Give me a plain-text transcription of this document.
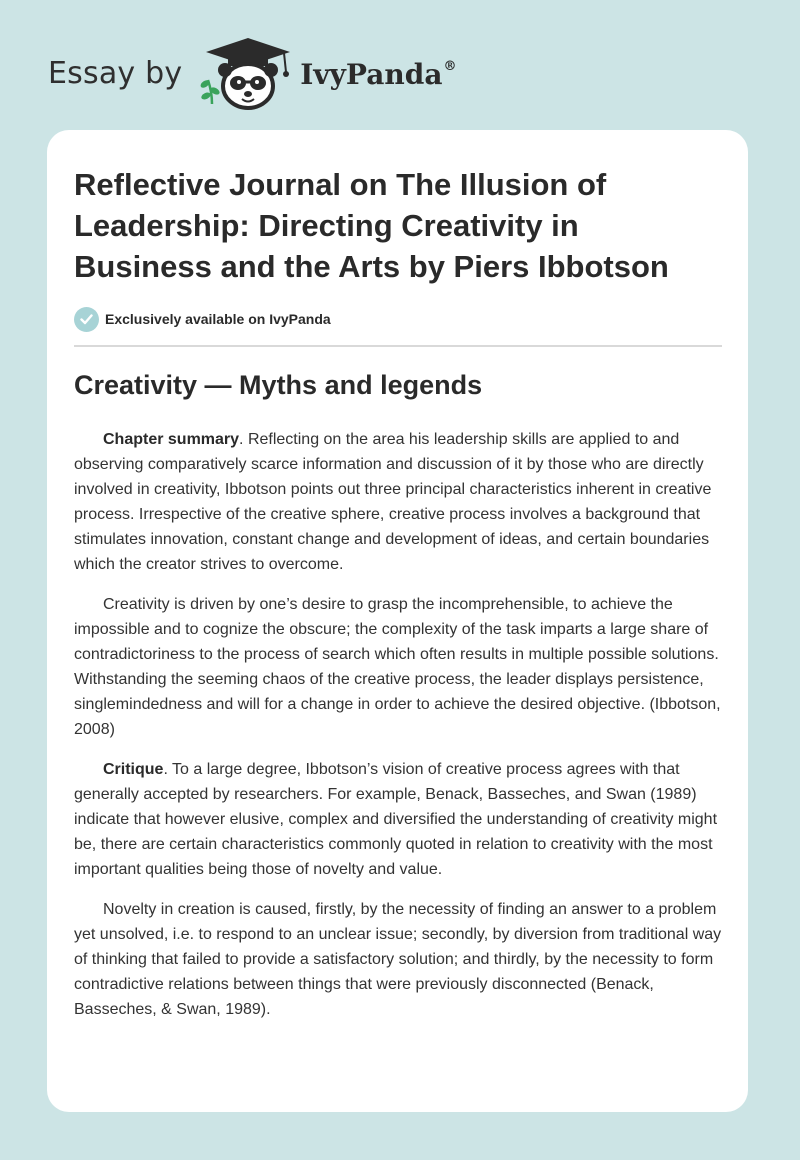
Essay by	IvyPanda®
Reflective Journal on The Illusion of Leadership: Directing Creativity in Business and the Arts by Piers Ibbotson
Exclusively available on IvyPanda
Creativity — Myths and legends

Chapter summary. Reflecting on the area his leadership skills are applied to and observing comparatively scarce information and discussion of it by those who are directly involved in creativity, Ibbotson points out three principal characteristics inherent in creative process. Irrespective of the creative sphere, creative process involves a background that stimulates innovation, constant change and development of ideas, and certain boundaries which the creator strives to overcome.

Creativity is driven by one’s desire to grasp the incomprehensible, to achieve the impossible and to cognize the obscure; the complexity of the task imparts a large share of contradictoriness to the process of search which often results in multiple possible solutions. Withstanding the seeming chaos of the creative process, the leader displays persistence, singlemindedness and will for a change in order to achieve the desired objective. (Ibbotson, 2008)

Critique. To a large degree, Ibbotson’s vision of creative process agrees with that generally accepted by researchers. For example, Benack, Basseches, and Swan (1989) indicate that however elusive, complex and diversified the understanding of creativity might be, there are certain characteristics commonly quoted in relation to creativity with the most important qualities being those of novelty and value.

Novelty in creation is caused, firstly, by the necessity of finding an answer to a problem yet unsolved, i.e. to respond to an unclear issue; secondly, by diversion from traditional way of thinking that failed to provide a satisfactory solution; and thirdly, by the necessity to form contradictive relations between things that were previously disconnected (Benack, Basseches, & Swan, 1989).
